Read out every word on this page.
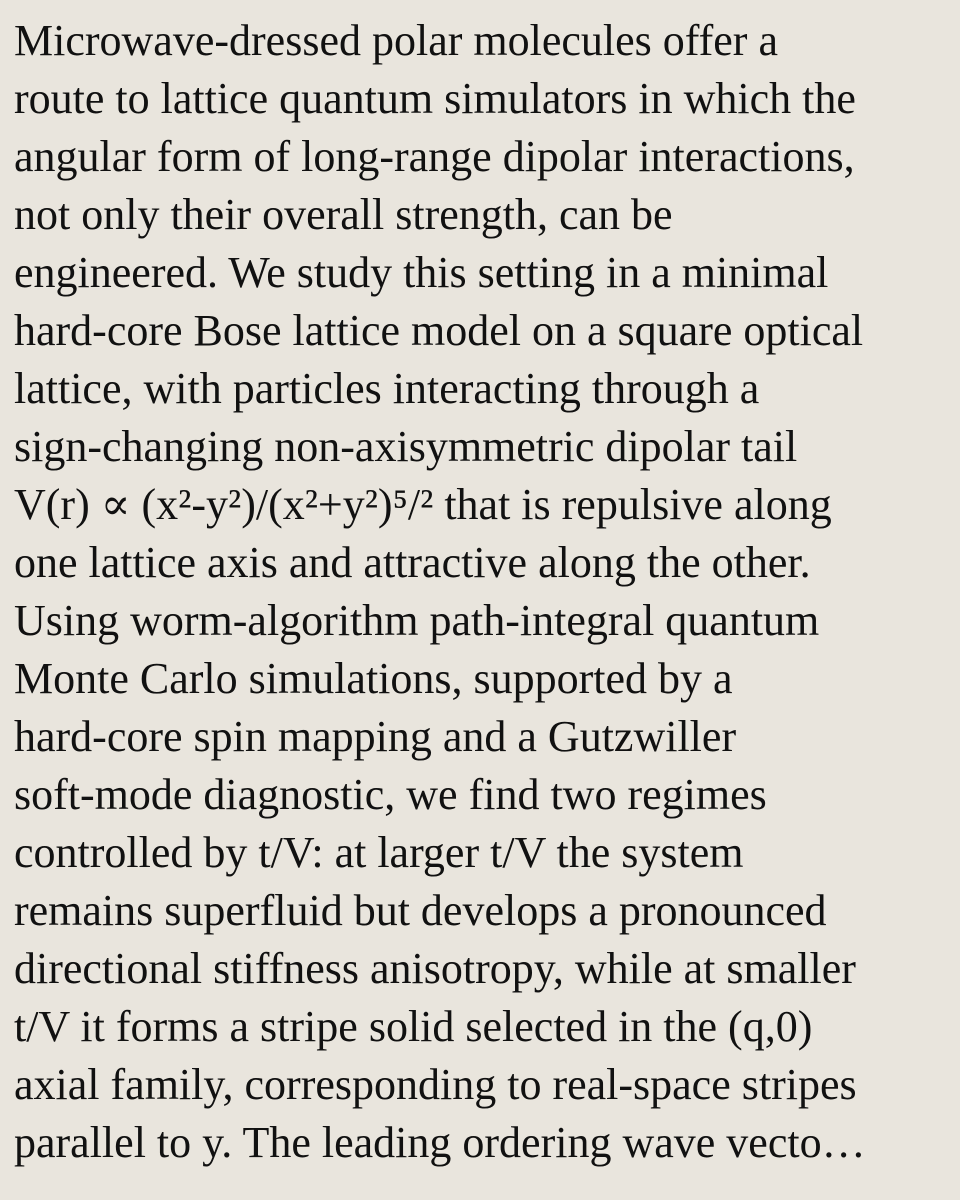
Microwave-dressed polar molecules offer a
route to lattice quantum simulators in which the
angular form of long-range dipolar interactions,
not only their overall strength, can be
engineered. We study this setting in a minimal
hard-core Bose lattice model on a square optical
lattice, with particles interacting through a
sign-changing non-axisymmetric dipolar tail
V(r) ∝ (x²-y²)/(x²+y²)⁵/² that is repulsive along
one lattice axis and attractive along the other.
Using worm-algorithm path-integral quantum
Monte Carlo simulations, supported by a
hard-core spin mapping and a Gutzwiller
soft-mode diagnostic, we find two regimes
controlled by t/V: at larger t/V the system
remains superfluid but develops a pronounced
directional stiffness anisotropy, while at smaller
t/V it forms a stripe solid selected in the (q,0)
axial family, corresponding to real-space stripes
parallel to y. The leading ordering wave vecto…
